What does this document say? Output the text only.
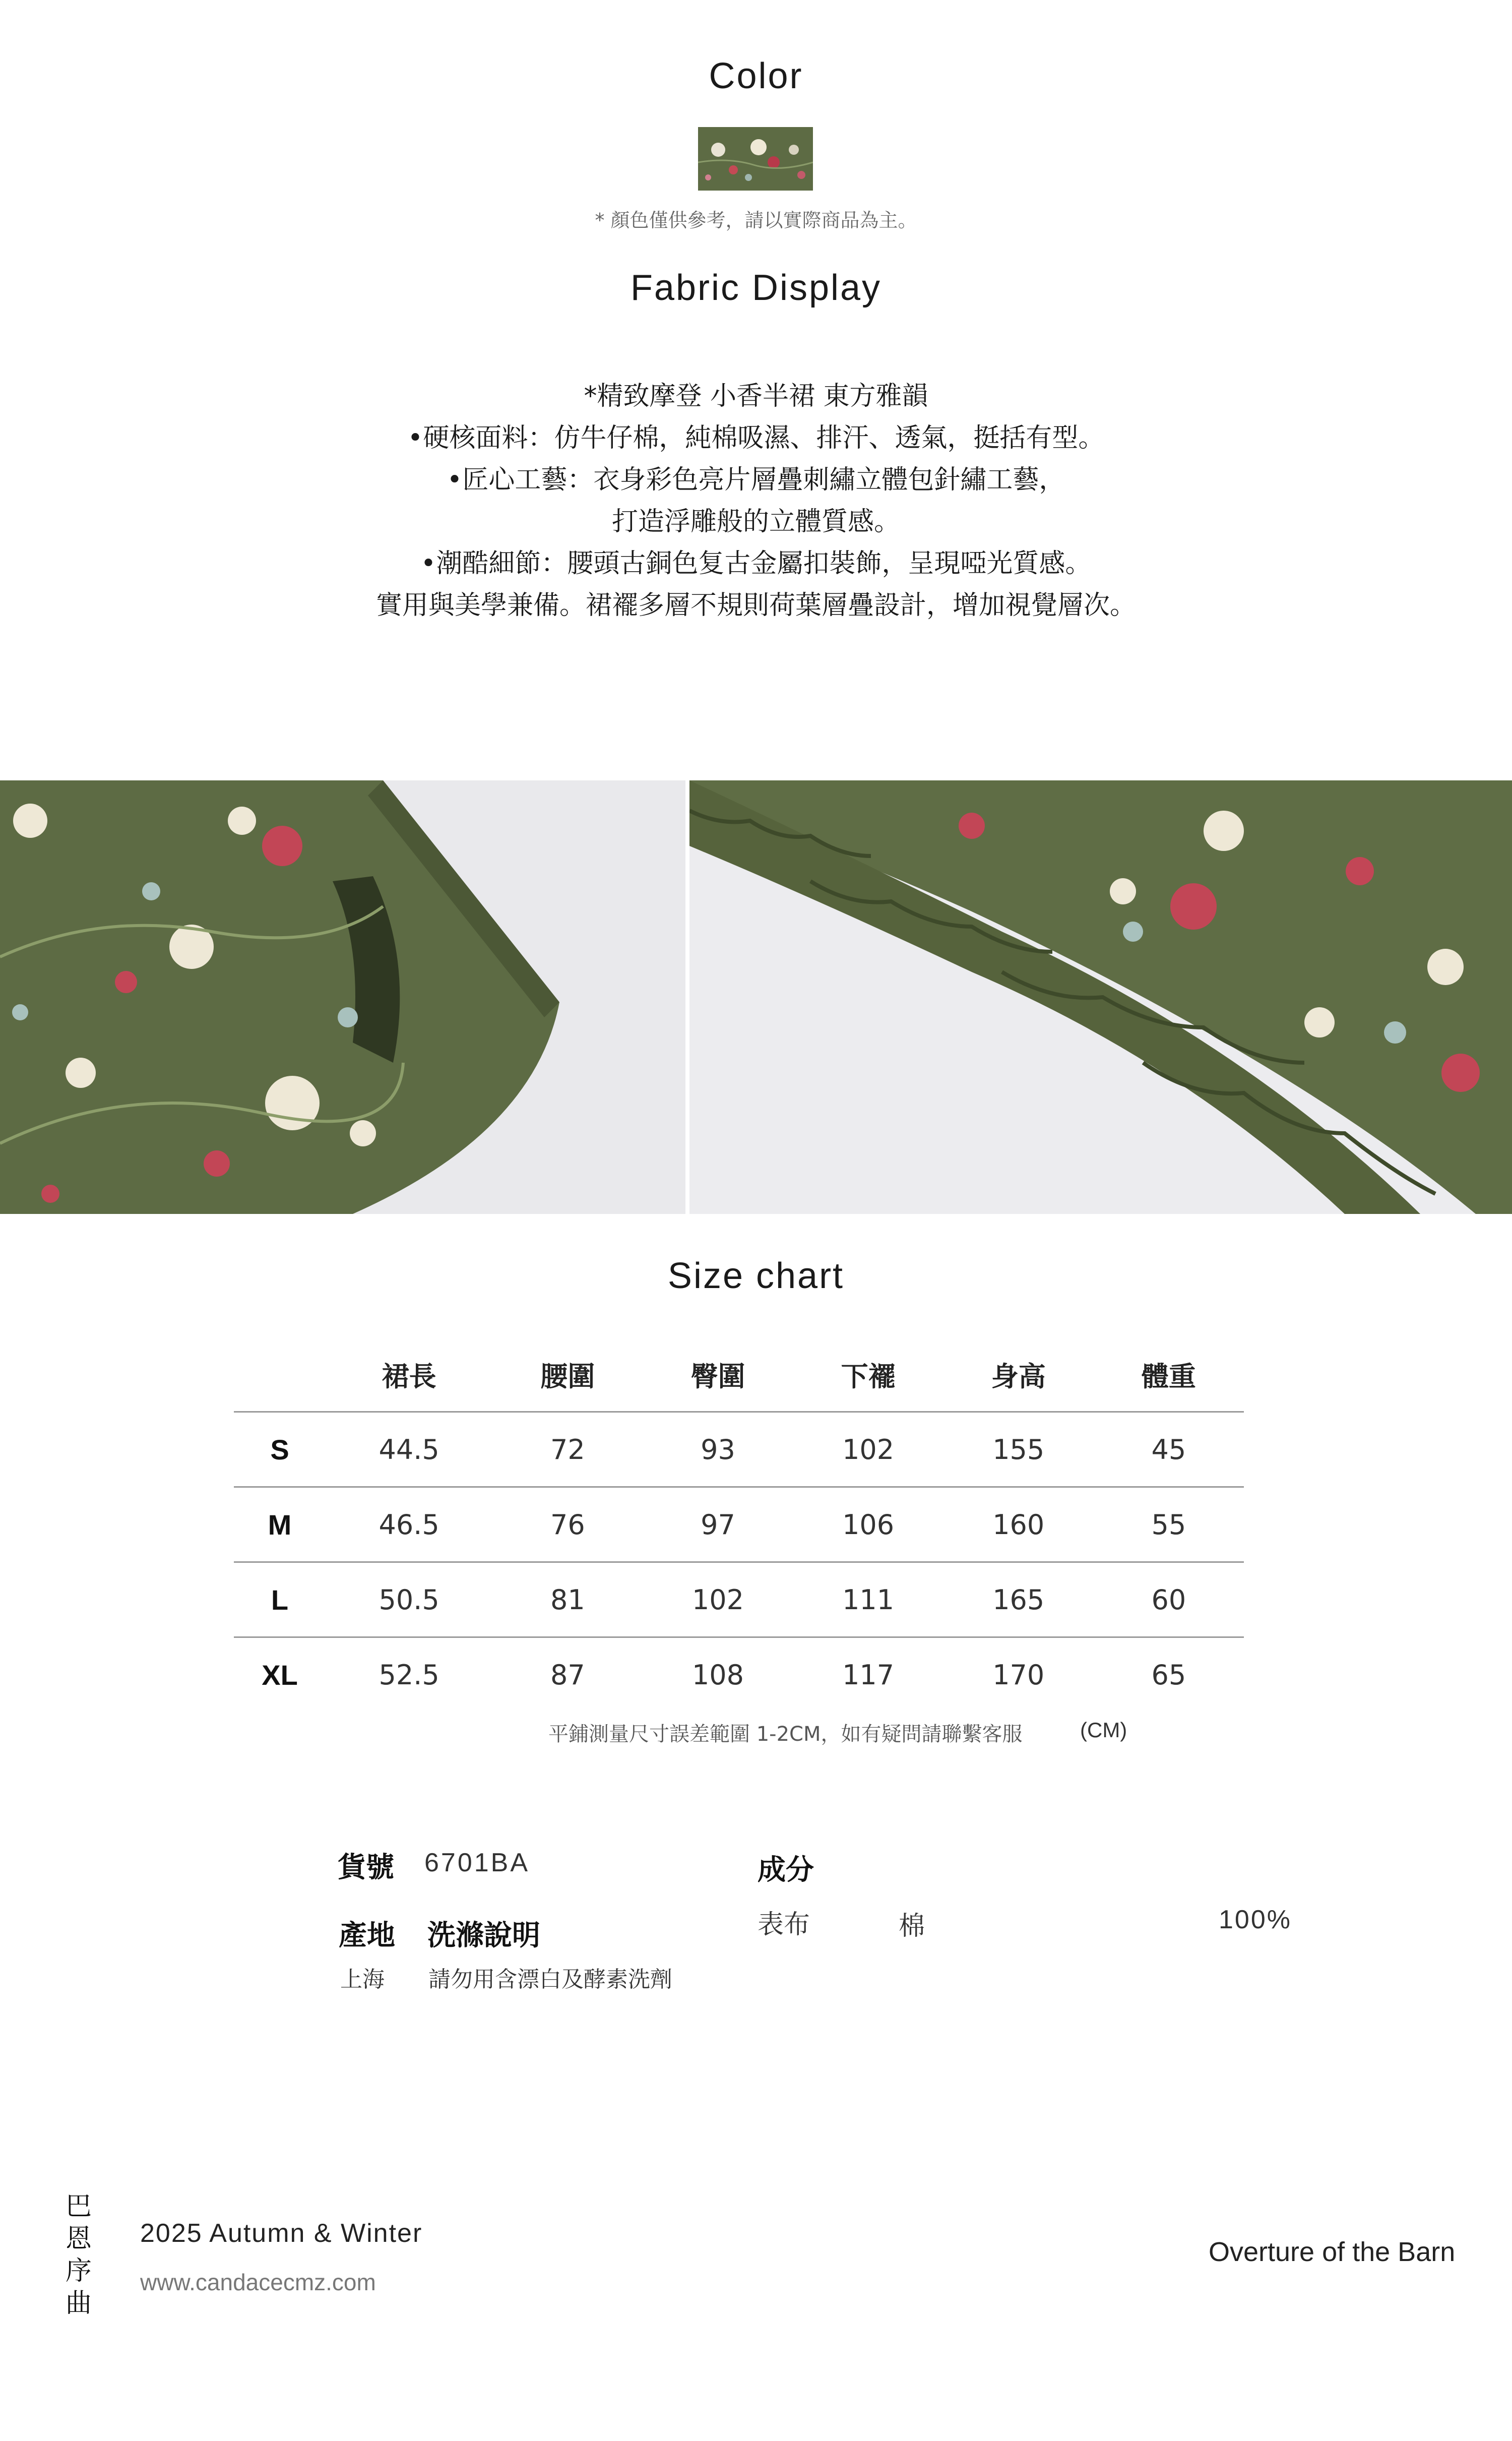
Color
* 顏色僅供參考，請以實際商品為主。
Fabric Display
*精致摩登 小香半裙 東方雅韻
•硬核面料：仿牛仔棉，純棉吸濕、排汗、透氣，挺括有型。
•匠心工藝：衣身彩色亮片層疊刺繡立體包針繡工藝，
打造浮雕般的立體質感。
•潮酷細節：腰頭古銅色复古金屬扣裝飾，呈現啞光質感。
實用與美學兼備。裙襬多層不規則荷葉層疊設計，增加視覺層次。
Size chart
	裙長	腰圍	臀圍	下襬	身高	體重
S	44.5	72	93	102	155	45
M	46.5	76	97	106	160	55
L	50.5	81	102	111	165	60
XL	52.5	87	108	117	170	65
平鋪測量尺寸誤差範圍 1-2CM，如有疑問請聯繫客服	(CM)
貨號 6701BA
產地 洗滌說明
上海 請勿用含漂白及酵素洗劑
成分
表布	棉	100%
巴
恩
序
曲
2025 Autumn & Winter
www.candacecmz.com
Overture of the Barn
